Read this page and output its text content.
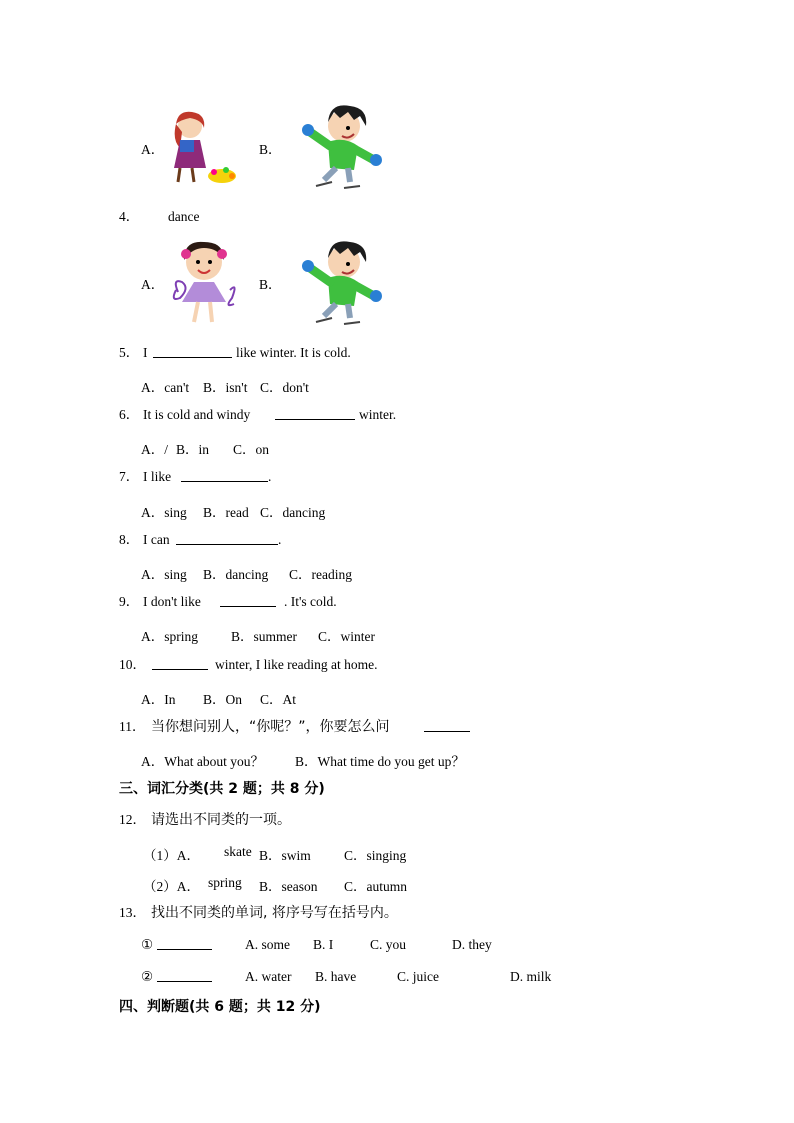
A．	B．
4． dance
A．	B．
5． I	like winter. It is cold.
A．can't B．isn't C．don't
6． It is cold and windy	winter.
A．/ B．in C．on
7． I like	.
A．sing B．read C．dancing
8． I can	.
A．sing B．dancing C．reading
9． I don't like	. It's cold.
A．spring B．summer C．winter
10．	winter, I like reading at home.
A．In B．On C．At
11． 当你想问别人，“你呢？”，你要怎么问
A．What about you？ B．What time do you get up？
三、词汇分类(共 2 题；共 8 分)
12． 请选出不同类的一项。
（1）A． skate B．swim C．singing
（2）A． spring B．season C．autumn
13． 找出不同类的单词, 将序号写在括号内。
①	A. some B. I	C. you	D. they
②	A. water B. have	C. juice	D. milk
四、判断题(共 6 题；共 12 分)
